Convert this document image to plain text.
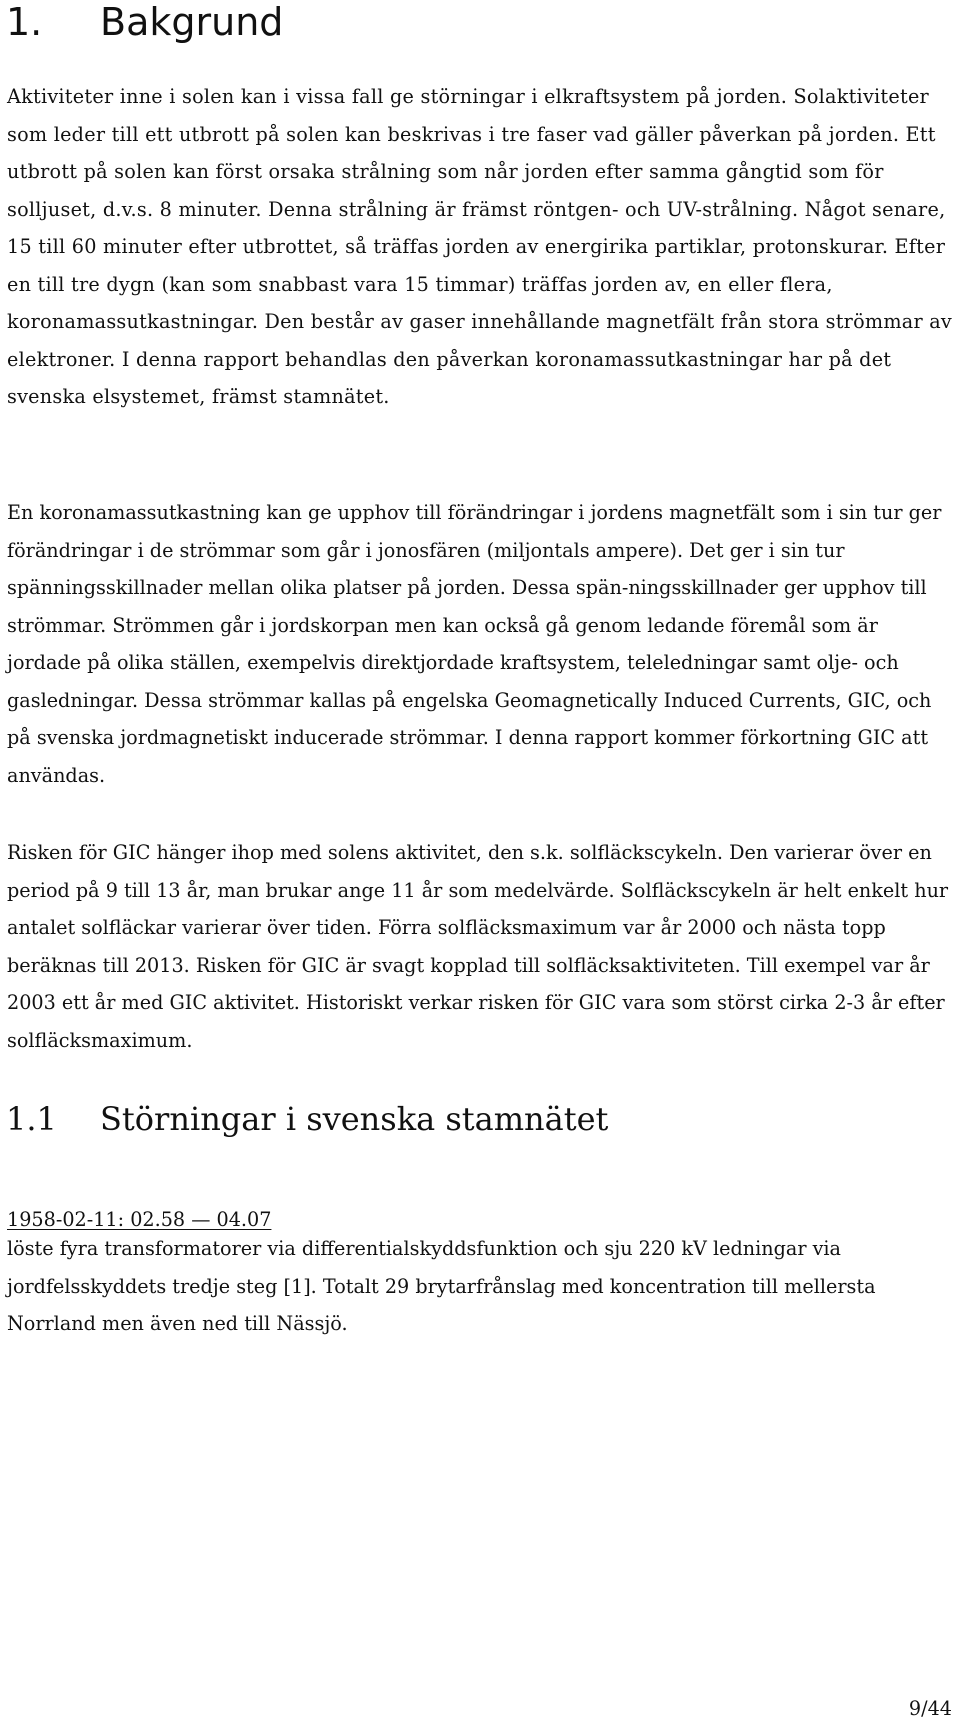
1. Bakgrund

Aktiviteter inne i solen kan i vissa fall ge störningar i elkraftsystem på jorden. Solaktiviteter som leder till ett utbrott på solen kan beskrivas i tre faser vad gäller påverkan på jorden. Ett utbrott på solen kan först orsaka strålning som når jorden efter samma gångtid som för solljuset, d.v.s. 8 minuter. Denna strålning är främst röntgen- och UV-strålning. Något senare, 15 till 60 minuter efter utbrottet, så träffas jorden av energirika partiklar, protonskurar. Efter en till tre dygn (kan som snabbast vara 15 timmar) träffas jorden av, en eller flera, koronamassutkastningar. Den består av gaser innehållande magnetfält från stora strömmar av elektroner. I denna rapport behandlas den påverkan koronamassutkastningar har på det svenska elsystemet, främst stamnätet.

En koronamassutkastning kan ge upphov till förändringar i jordens magnetfält som i sin tur ger förändringar i de strömmar som går i jonosfären (miljontals ampere). Det ger i sin tur spänningsskillnader mellan olika platser på jorden. Dessa spän-ningsskillnader ger upphov till strömmar. Strömmen går i jordskorpan men kan också gå genom ledande föremål som är jordade på olika ställen, exempelvis direktjordade kraftsystem, teleledningar samt olje- och gasledningar. Dessa strömmar kallas på engelska Geomagnetically Induced Currents, GIC, och på svenska jordmagnetiskt inducerade strömmar. I denna rapport kommer förkortning GIC att användas.

Risken för GIC hänger ihop med solens aktivitet, den s.k. solfläckscykeln. Den varierar över en period på 9 till 13 år, man brukar ange 11 år som medelvärde. Solfläckscykeln är helt enkelt hur antalet solfläckar varierar över tiden. Förra solfläcksmaximum var år 2000 och nästa topp beräknas till 2013. Risken för GIC är svagt kopplad till solfläcksaktiviteten. Till exempel var år 2003 ett år med GIC aktivitet. Historiskt verkar risken för GIC vara som störst cirka 2-3 år efter solfläcksmaximum.

1.1 Störningar i svenska stamnätet

1958-02-11: 02.58 — 04.07

löste fyra transformatorer via differentialskyddsfunktion och sju 220 kV ledningar via jordfelsskyddets tredje steg [1]. Totalt 29 brytarfrånslag med koncentration till mellersta Norrland men även ned till Nässjö.

9/44
